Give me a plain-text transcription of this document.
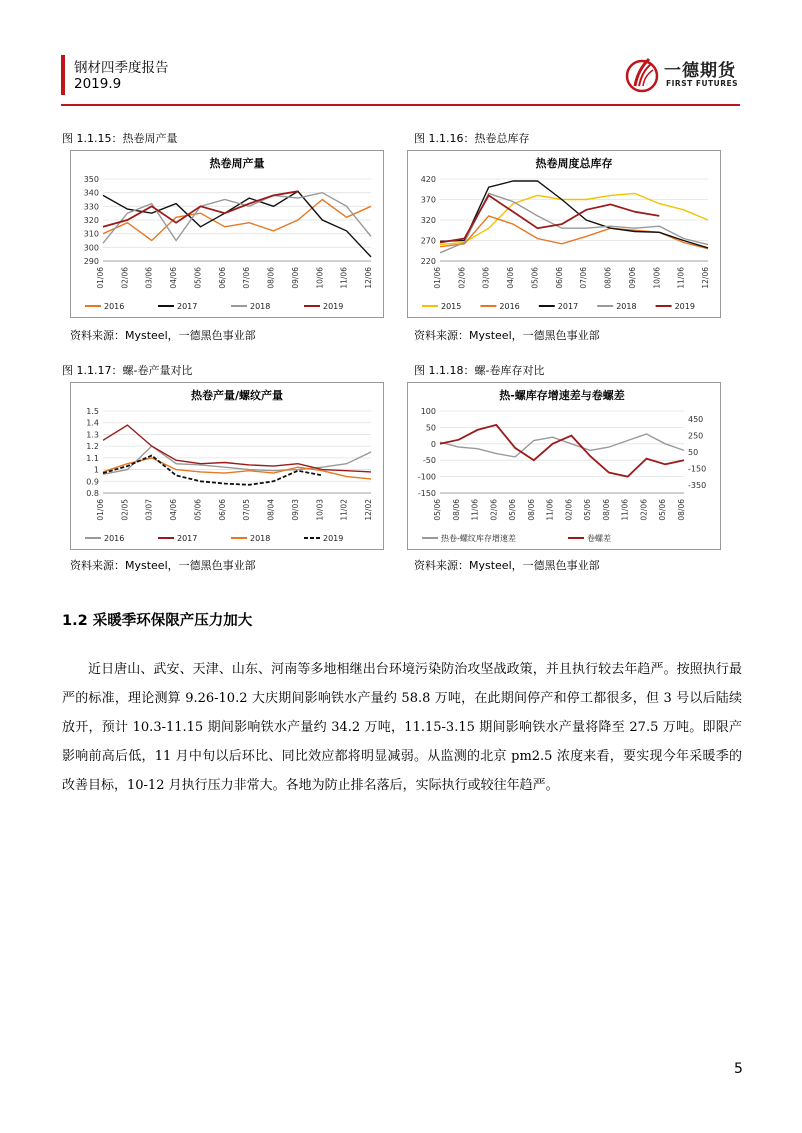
钢材四季度报告
2019.9
一德期货
FIRST FUTURES
图 1.1.15：热卷周产量
热卷周产量
290
300
310
320
330
340
350
01/06 02/06 03/06 04/06 05/06 06/06 07/06 08/06 09/06 10/06 11/06 12/06
2016	2017	2018	2019
资料来源：Mysteel，一德黑色事业部
图 1.1.16：热卷总库存
热卷周度总库存
220
270
320
370
420
01/06 02/06 03/06 04/06 05/06 06/06 07/06 08/06 09/06 10/06 11/06 12/06
2015	2016	2017	2018	2019
资料来源：Mysteel，一德黑色事业部
图 1.1.17：螺-卷产量对比
热卷产量/螺纹产量
0.8
0.9
1
1.1
1.2
1.3
1.4
1.5
01/06 02/05 03/07 04/06 05/06 06/06 07/05 08/04 09/03 10/03 11/02 12/02
2016	2017	2018	2019
资料来源：Mysteel，一德黑色事业部
图 1.1.18：螺-卷库存对比
热-螺库存增速差与卷螺差
-150
-100
-50
0
50
100
-350
-150
50
250
450
05/06 08/06 11/06 02/06 05/06 08/06 11/06 02/06 05/06 08/06 11/06 02/06 05/06 08/06
热卷-螺纹库存增速差	卷螺差
资料来源：Mysteel，一德黑色事业部
1.2 采暖季环保限产压力加大
近日唐山、武安、天津、山东、河南等多地相继出台环境污染防治攻坚战政策，并且执行较去年趋严。按照执行最严的标准，理论测算 9.26-10.2 大庆期间影响铁水产量约 58.8 万吨，在此期间停产和停工都很多，但 3 号以后陆续放开，预计 10.3-11.15 期间影响铁水产量约 34.2 万吨，11.15-3.15 期间影响铁水产量将降至 27.5 万吨。即限产影响前高后低，11 月中旬以后环比、同比效应都将明显减弱。从监测的北京 pm2.5 浓度来看，要实现今年采暖季的改善目标，10-12 月执行压力非常大。各地为防止排名落后，实际执行或较往年趋严。
5
